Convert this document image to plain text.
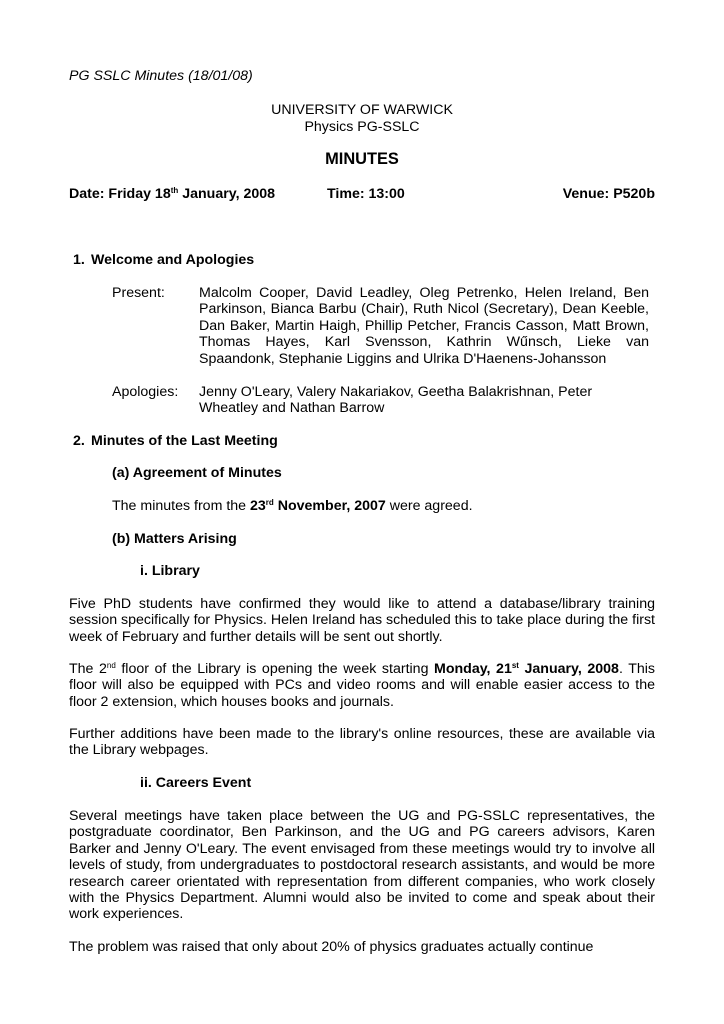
PG SSLC Minutes (18/01/08)
UNIVERSITY OF WARWICK
Physics PG-SSLC
MINUTES
Date: Friday 18th January, 2008	Time: 13:00	Venue: P520b
1. Welcome and Apologies
Present: Malcolm Cooper, David Leadley, Oleg Petrenko, Helen Ireland, Ben Parkinson, Bianca Barbu (Chair), Ruth Nicol (Secretary), Dean Keeble, Dan Baker, Martin Haigh, Phillip Petcher, Francis Casson, Matt Brown, Thomas Hayes, Karl Svensson, Kathrin Wűnsch, Lieke van Spaandonk, Stephanie Liggins and Ulrika D'Haenens-Johansson
Apologies: Jenny O'Leary, Valery Nakariakov, Geetha Balakrishnan, Peter Wheatley and Nathan Barrow
2. Minutes of the Last Meeting
(a) Agreement of Minutes
The minutes from the 23rd November, 2007 were agreed.
(b) Matters Arising
i. Library
Five PhD students have confirmed they would like to attend a database/library training session specifically for Physics. Helen Ireland has scheduled this to take place during the first week of February and further details will be sent out shortly.
The 2nd floor of the Library is opening the week starting Monday, 21st January, 2008. This floor will also be equipped with PCs and video rooms and will enable easier access to the floor 2 extension, which houses books and journals.
Further additions have been made to the library's online resources, these are available via the Library webpages.
ii. Careers Event
Several meetings have taken place between the UG and PG-SSLC representatives, the postgraduate coordinator, Ben Parkinson, and the UG and PG careers advisors, Karen Barker and Jenny O'Leary. The event envisaged from these meetings would try to involve all levels of study, from undergraduates to postdoctoral research assistants, and would be more research career orientated with representation from different companies, who work closely with the Physics Department. Alumni would also be invited to come and speak about their work experiences.
The problem was raised that only about 20% of physics graduates actually continue
